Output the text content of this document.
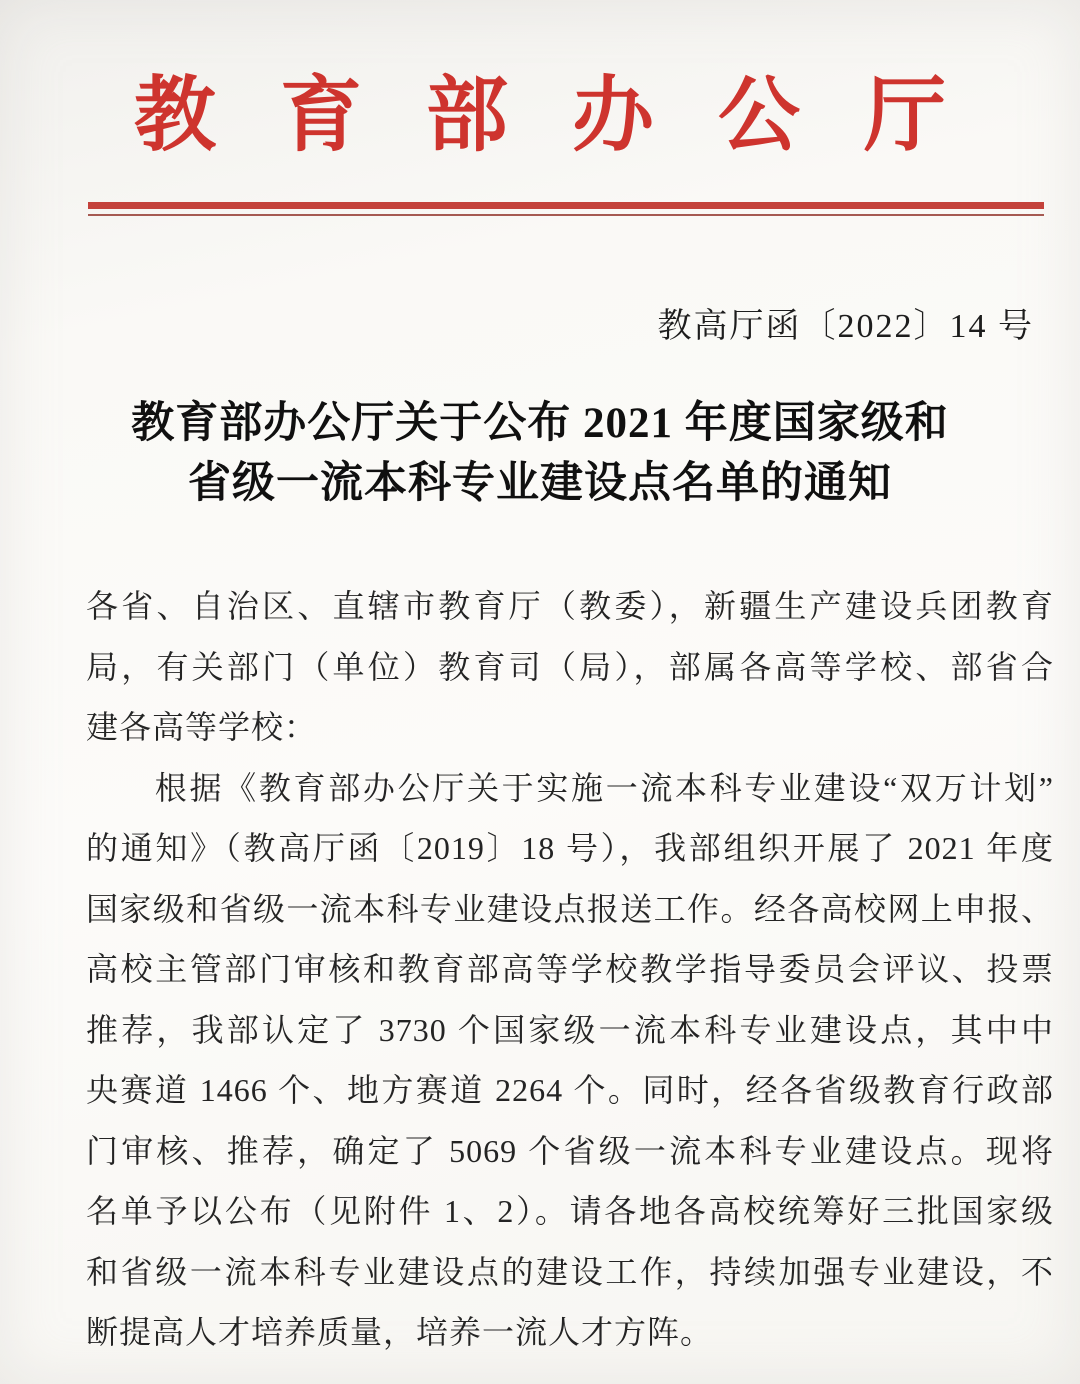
教育部办公厅
教高厅函〔2022〕14 号
教育部办公厅关于公布 2021 年度国家级和
省级一流本科专业建设点名单的通知

各省、自治区、直辖市教育厅（教委），新疆生产建设兵团教育

局，有关部门（单位）教育司（局），部属各高等学校、部省合

建各高等学校：

根据《教育部办公厅关于实施一流本科专业建设“双万计划”

的通知》（教高厅函〔2019〕18 号），我部组织开展了 2021 年度

国家级和省级一流本科专业建设点报送工作。经各高校网上申报、

高校主管部门审核和教育部高等学校教学指导委员会评议、投票

推荐，我部认定了 3730 个国家级一流本科专业建设点，其中中

央赛道 1466 个、地方赛道 2264 个。同时，经各省级教育行政部

门审核、推荐，确定了 5069 个省级一流本科专业建设点。现将

名单予以公布（见附件 1、2）。请各地各高校统筹好三批国家级

和省级一流本科专业建设点的建设工作，持续加强专业建设，不

断提高人才培养质量，培养一流人才方阵。
